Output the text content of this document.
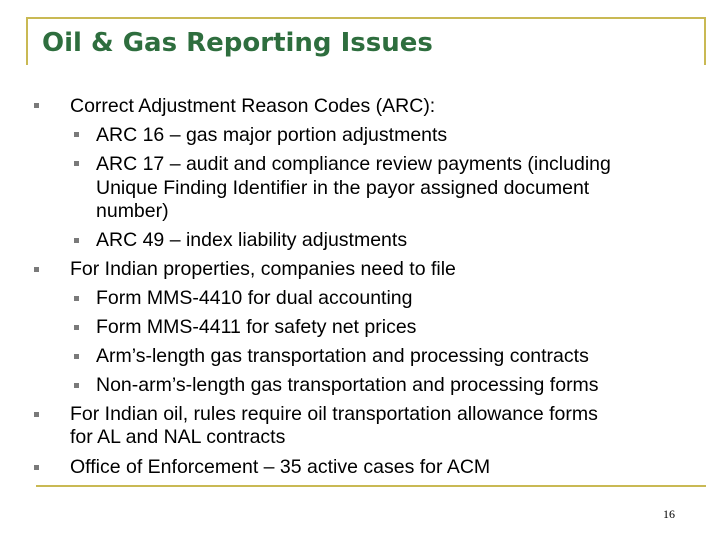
Oil & Gas Reporting Issues
Correct Adjustment Reason Codes (ARC):
ARC 16 – gas major portion adjustments
ARC 17 – audit and compliance review payments (including
Unique Finding Identifier in the payor assigned document
number)
ARC 49 – index liability adjustments
For Indian properties, companies need to file
Form MMS-4410 for dual accounting
Form MMS-4411 for safety net prices
Arm’s-length gas transportation and processing contracts
Non-arm’s-length gas transportation and processing forms
For Indian oil, rules require oil transportation allowance forms
for AL and NAL contracts
Office of Enforcement – 35 active cases for ACM
16
